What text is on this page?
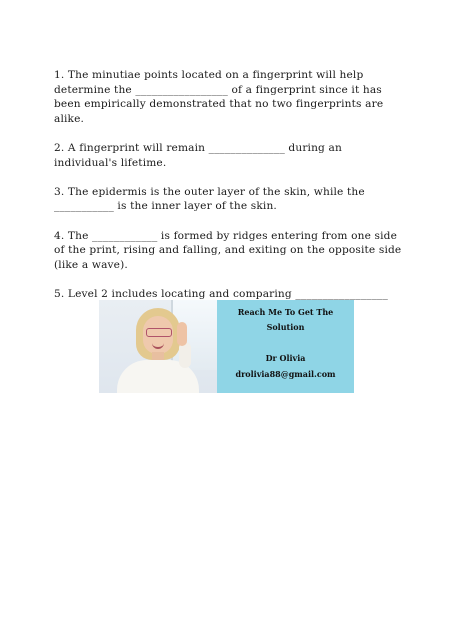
1. The minutiae points located on a fingerprint will help determine the _________________ of a fingerprint since it has been empirically demonstrated that no two fingerprints are alike.

2. A fingerprint will remain ______________ during an individual's lifetime.

3. The epidermis is the outer layer of the skin, while the ___________ is the inner layer of the skin.

4. The ____________ is formed by ridges entering from one side of the print, rising and falling, and exiting on the opposite side (like a wave).

5. Level 2 includes locating and comparing _________________

Reach Me To Get The
Solution
Dr Olivia
drolivia88@gmail.com
